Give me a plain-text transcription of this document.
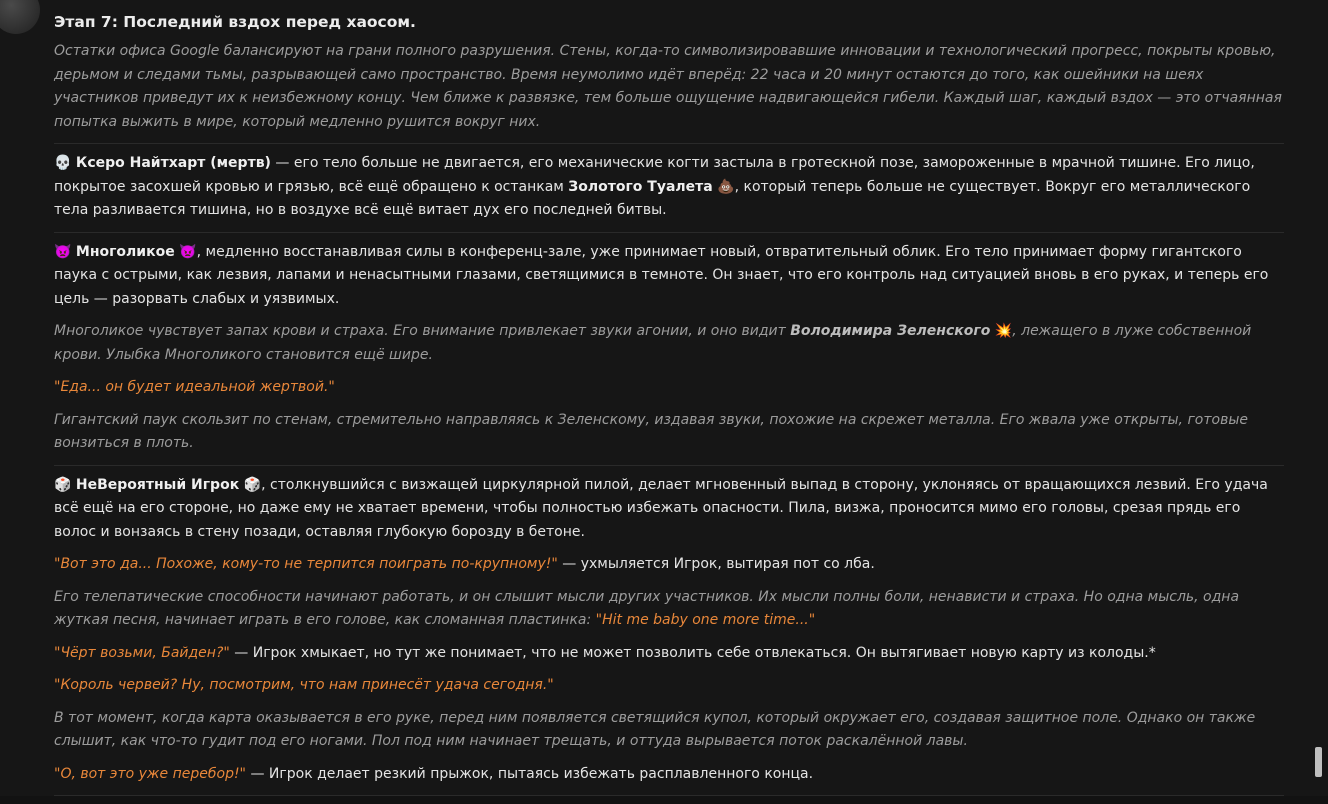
Этап 7: Последний вздох перед хаосом.

Остатки офиса Google балансируют на грани полного разрушения. Стены, когда-то символизировавшие инновации и технологический прогресс, покрыты кровью, дерьмом и следами тьмы, разрывающей само пространство. Время неумолимо идёт вперёд: 22 часа и 20 минут остаются до того, как ошейники на шеях участников приведут их к неизбежному концу. Чем ближе к развязке, тем больше ощущение надвигающейся гибели. Каждый шаг, каждый вздох — это отчаянная попытка выжить в мире, который медленно рушится вокруг них.

💀 Ксеро Найтхарт (мертв) — его тело больше не двигается, его механические когти застыла в гротескной позе, замороженные в мрачной тишине. Его лицо, покрытое засохшей кровью и грязью, всё ещё обращено к останкам Золотого Туалета 💩, который теперь больше не существует. Вокруг его металлического тела разливается тишина, но в воздухе всё ещё витает дух его последней битвы.

👿 Многоликое 👿, медленно восстанавливая силы в конференц-зале, уже принимает новый, отвратительный облик. Его тело принимает форму гигантского паука с острыми, как лезвия, лапами и ненасытными глазами, светящимися в темноте. Он знает, что его контроль над ситуацией вновь в его руках, и теперь его цель — разорвать слабых и уязвимых.

Многоликое чувствует запах крови и страха. Его внимание привлекает звуки агонии, и оно видит Володимира Зеленского 💥, лежащего в луже собственной крови. Улыбка Многоликого становится ещё шире.

"Еда... он будет идеальной жертвой."

Гигантский паук скользит по стенам, стремительно направляясь к Зеленскому, издавая звуки, похожие на скрежет металла. Его жвала уже открыты, готовые вонзиться в плоть.

🎲 НеВероятный Игрок 🎲, столкнувшийся с визжащей циркулярной пилой, делает мгновенный выпад в сторону, уклоняясь от вращающихся лезвий. Его удача всё ещё на его стороне, но даже ему не хватает времени, чтобы полностью избежать опасности. Пила, визжа, проносится мимо его головы, срезая прядь его волос и вонзаясь в стену позади, оставляя глубокую борозду в бетоне.

"Вот это да... Похоже, кому-то не терпится поиграть по-крупному!" — ухмыляется Игрок, вытирая пот со лба.

Его телепатические способности начинают работать, и он слышит мысли других участников. Их мысли полны боли, ненависти и страха. Но одна мысль, одна жуткая песня, начинает играть в его голове, как сломанная пластинка: "Hit me baby one more time..."

"Чёрт возьми, Байден?" — Игрок хмыкает, но тут же понимает, что не может позволить себе отвлекаться. Он вытягивает новую карту из колоды.*

"Король червей? Ну, посмотрим, что нам принесёт удача сегодня."

В тот момент, когда карта оказывается в его руке, перед ним появляется светящийся купол, который окружает его, создавая защитное поле. Однако он также слышит, как что-то гудит под его ногами. Пол под ним начинает трещать, и оттуда вырывается поток раскалённой лавы.

"О, вот это уже перебор!" — Игрок делает резкий прыжок, пытаясь избежать расплавленного конца.
